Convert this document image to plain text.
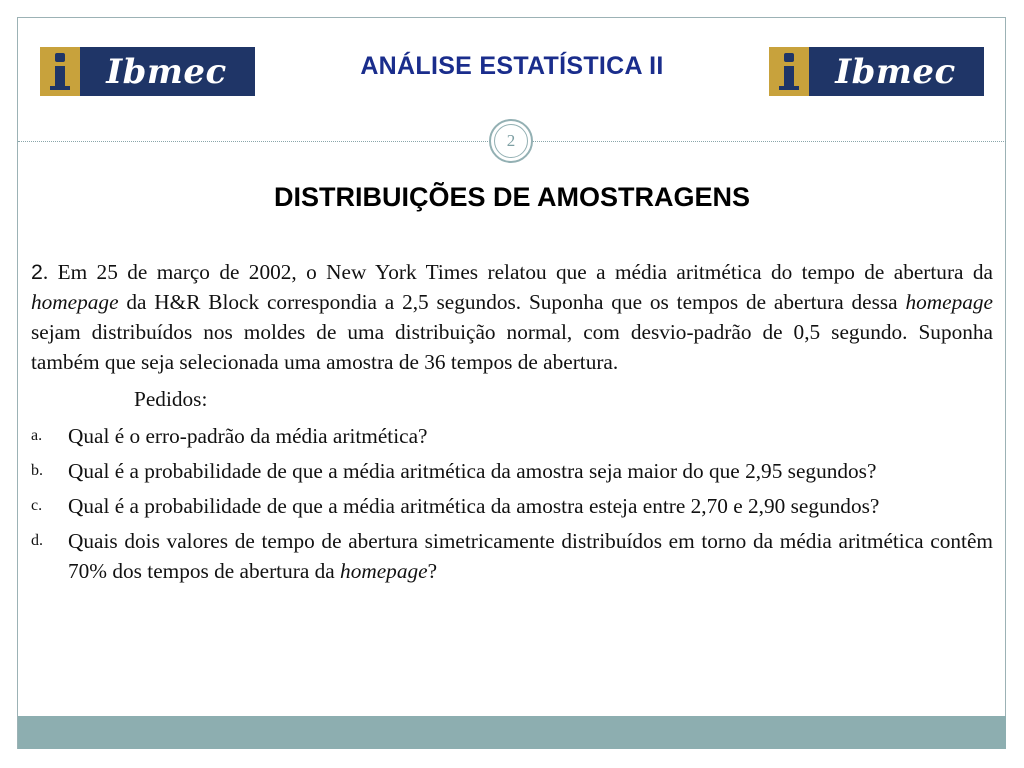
Ibmec	ANÁLISE ESTATÍSTICA II	Ibmec
2
DISTRIBUIÇÕES DE AMOSTRAGENS

2. Em 25 de março de 2002, o New York Times relatou que a média aritmética do tempo de abertura da homepage da H&R Block correspondia a 2,5 segundos. Suponha que os tempos de abertura dessa homepage sejam distribuídos nos moldes de uma distribuição normal, com desvio-padrão de 0,5 segundo. Suponha também que seja selecionada uma amostra de 36 tempos de abertura.

Pedidos:
a. Qual é o erro-padrão da média aritmética?
b. Qual é a probabilidade de que a média aritmética da amostra seja maior do que 2,95 segundos?
c. Qual é a probabilidade de que a média aritmética da amostra esteja entre 2,70 e 2,90 segundos?
d. Quais dois valores de tempo de abertura simetricamente distribuídos em torno da média aritmética contêm 70% dos tempos de abertura da homepage?
